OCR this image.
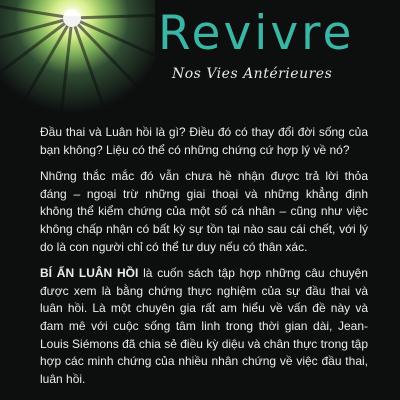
Revivre
Nos Vies Antérieures

Đầu thai và Luân hồi là gì? Điều đó có thay đổi đời sống của bạn không? Liệu có thể có những chứng cứ hợp lý về nó?

Những thắc mắc đó vẫn chưa hề nhận được trả lời thỏa đáng – ngoại trừ những giai thoại và những khẳng định không thể kiểm chứng của một số cá nhân – cũng như việc không chấp nhận có bất kỳ sự tồn tại nào sau cái chết, với lý do là con người chỉ có thể tư duy nếu có thân xác.

BÍ ẨN LUÂN HỒI là cuốn sách tập hợp những câu chuyện được xem là bằng chứng thực nghiệm của sự đầu thai và luân hồi. Là một chuyên gia rất am hiểu về vấn đề này và đam mê với cuộc sống tâm linh trong thời gian dài, Jean-Louis Siémons đã chia sẻ điều kỳ diệu và chân thực trong tập hợp các minh chứng của nhiều nhân chứng về việc đầu thai, luân hồi.
